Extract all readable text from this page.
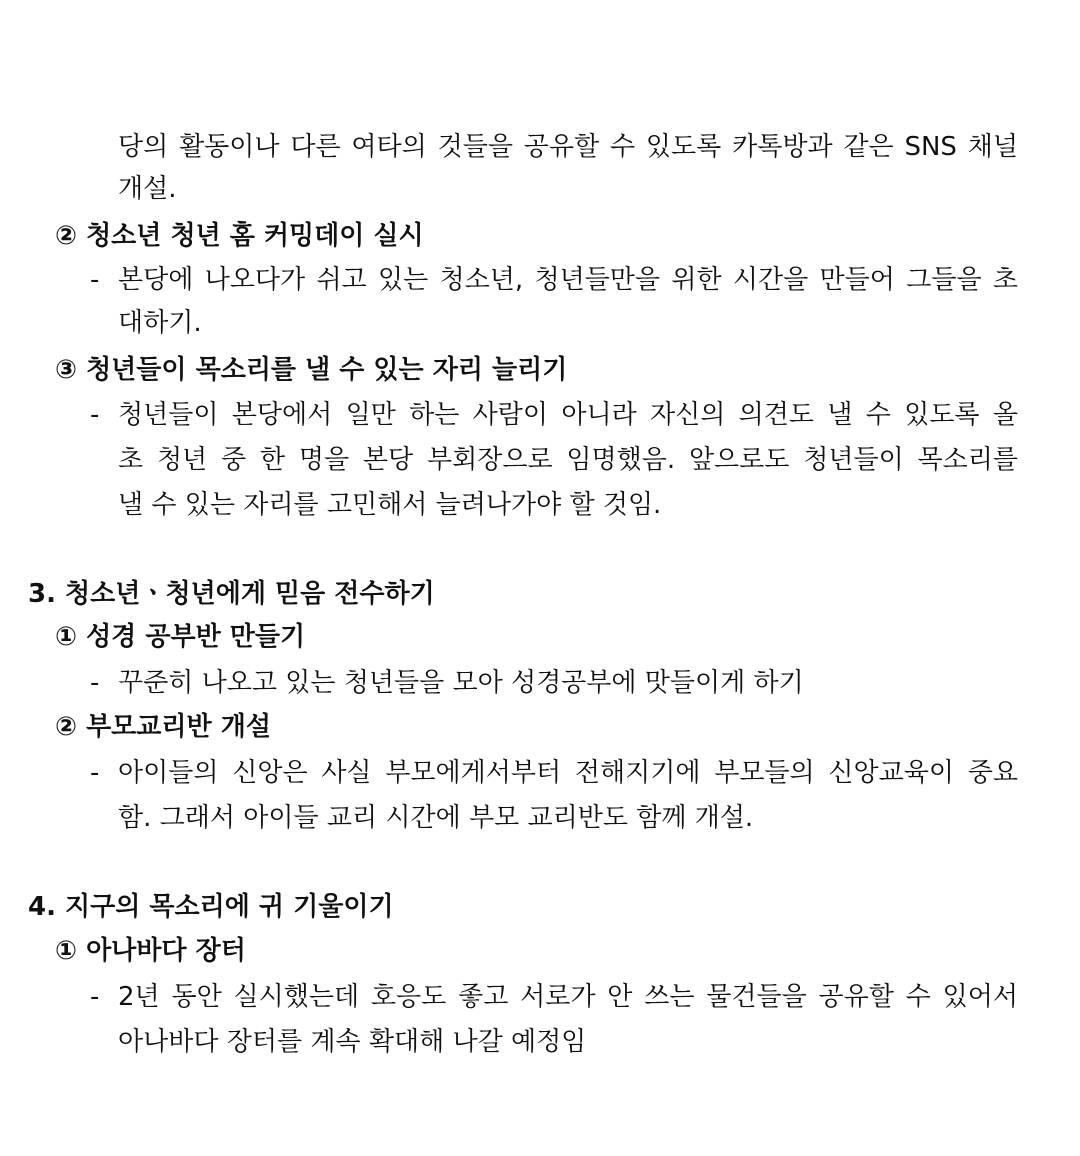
당의 활동이나 다른 여타의 것들을 공유할 수 있도록 카톡방과 같은 SNS 채널
개설.
② 청소년 청년 홈 커밍데이 실시
- 본당에 나오다가 쉬고 있는 청소년, 청년들만을 위한 시간을 만들어 그들을 초
대하기.
③ 청년들이 목소리를 낼 수 있는 자리 늘리기
- 청년들이 본당에서 일만 하는 사람이 아니라 자신의 의견도 낼 수 있도록 올
초 청년 중 한 명을 본당 부회장으로 임명했음. 앞으로도 청년들이 목소리를
낼 수 있는 자리를 고민해서 늘려나가야 할 것임.
3. 청소년ㆍ청년에게 믿음 전수하기
① 성경 공부반 만들기
- 꾸준히 나오고 있는 청년들을 모아 성경공부에 맛들이게 하기
② 부모교리반 개설
- 아이들의 신앙은 사실 부모에게서부터 전해지기에 부모들의 신앙교육이 중요
함. 그래서 아이들 교리 시간에 부모 교리반도 함께 개설.
4. 지구의 목소리에 귀 기울이기
① 아나바다 장터
- 2년 동안 실시했는데 호응도 좋고 서로가 안 쓰는 물건들을 공유할 수 있어서
아나바다 장터를 계속 확대해 나갈 예정임
